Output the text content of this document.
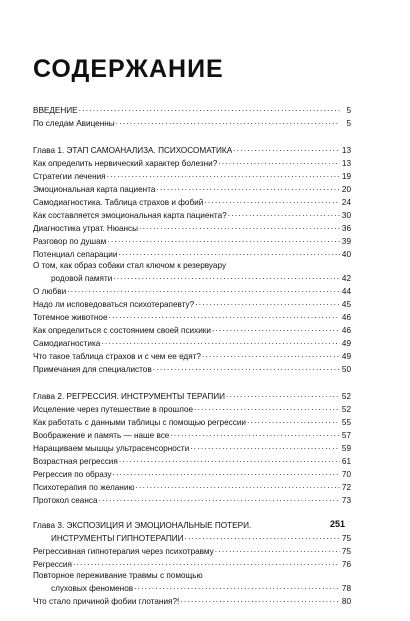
СОДЕРЖАНИЕ
ВВЕДЕНИЕ . . .	5
По следам Авиценны . . .	5
Глава 1. ЭТАП САМОАНАЛИЗА. ПСИХОСОМАТИКА . . .	13
Как определить нервический характер болезни? . . .	13
Стратегии лечения . . .	19
Эмоциональная карта пациента . . .	20
Самодиагностика. Таблица страхов и фобий . . .	24
Как составляется эмоциональная карта пациента? . . .	30
Диагностика утрат. Нюансы . . .	36
Разговор по душам . . .	39
Потенциал сепарации . . .	40
О том, как образ собаки стал ключом к резервуару
родовой памяти . . .	42
О любви . . .	44
Надо ли исповедоваться психотерапевту? . . .	45
Тотемное животное . . .	46
Как определиться с состоянием своей психики . . .	46
Самодиагностика . . .	49
Что такое таблица страхов и с чем ее едят? . . .	49
Примечания для специалистов . . .	50
Глава 2. РЕГРЕССИЯ. ИНСТРУМЕНТЫ ТЕРАПИИ . . .	52
Исцеление через путешествие в прошлое . . .	52
Как работать с данными таблицы с помощью регрессии . . .	55
Воображение и память — наше все . . .	57
Наращиваем мышцы ультрасенсорности . . .	59
Возрастная регрессия . . .	61
Регрессия по образу . . .	70
Психотерапия по желанию . . .	72
Протокол сеанса . . .	73
Глава 3. ЭКСПОЗИЦИЯ И ЭМОЦИОНАЛЬНЫЕ ПОТЕРИ.
ИНСТРУМЕНТЫ ГИПНОТЕРАПИИ . . .	75
Регрессивная гипнотерапия через психотравму . . .	75
Регрессия . . .	76
Повторное переживание травмы с помощью
слуховых феноменов . . .	78
Что стало причиной фобии глотания?! . . .	80
251
